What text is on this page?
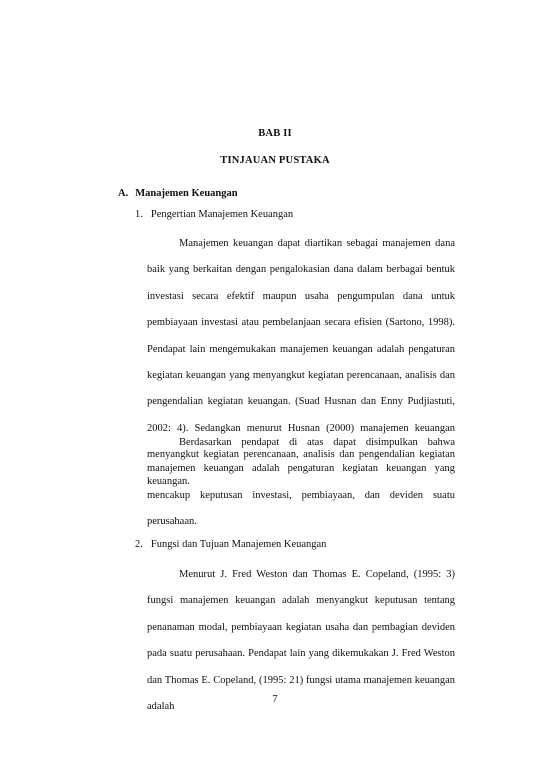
BAB II
TINJAUAN PUSTAKA
A. Manajemen Keuangan
1. Pengertian Manajemen Keuangan

Manajemen keuangan dapat diartikan sebagai manajemen dana baik yang berkaitan dengan pengalokasian dana dalam berbagai bentuk investasi secara efektif maupun usaha pengumpulan dana untuk pembiayaan investasi atau pembelanjaan secara efisien (Sartono, 1998). Pendapat lain mengemukakan manajemen keuangan adalah pengaturan kegiatan keuangan yang menyangkut kegiatan perencanaan, analisis dan pengendalian kegiatan keuangan. (Suad Husnan dan Enny Pudjiastuti, 2002: 4). Sedangkan menurut Husnan (2000) manajemen keuangan menyangkut kegiatan perencanaan, analisis dan pengendalian kegiatan keuangan.

Berdasarkan pendapat di atas dapat disimpulkan bahwa manajemen keuangan adalah pengaturan kegiatan keuangan yang mencakup keputusan investasi, pembiayaan, dan deviden suatu perusahaan.

2. Fungsi dan Tujuan Manajemen Keuangan

Menurut J. Fred Weston dan Thomas E. Copeland, (1995: 3) fungsi manajemen keuangan adalah menyangkut keputusan tentang penanaman modal, pembiayaan kegiatan usaha dan pembagian deviden pada suatu perusahaan. Pendapat lain yang dikemukakan J. Fred Weston dan Thomas E. Copeland, (1995: 21) fungsi utama manajemen keuangan adalah

7
